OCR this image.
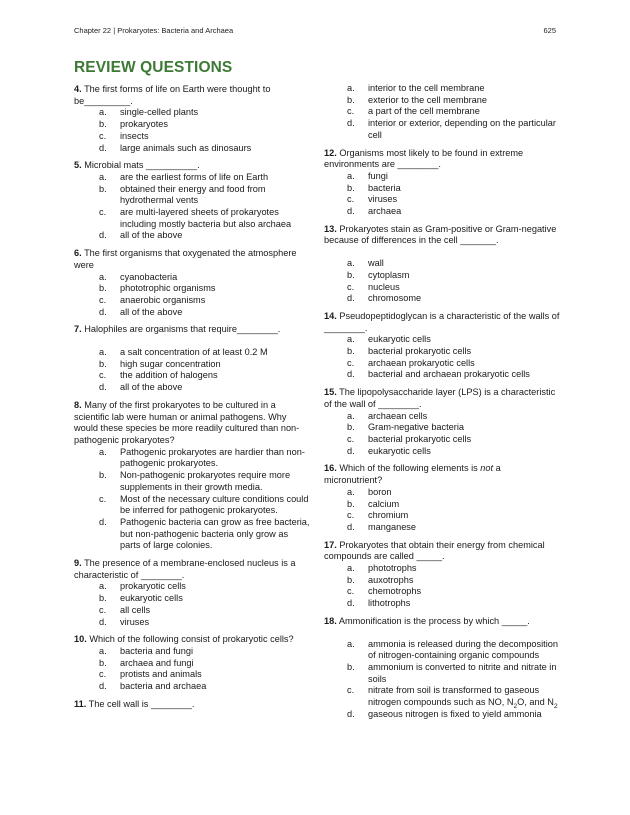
Chapter 22 | Prokaryotes: Bacteria and Archaea	625
REVIEW QUESTIONS

4. The first forms of life on Earth were thought to be_________.

a.	single-celled plants
b.	prokaryotes
c.	insects
d.	large animals such as dinosaurs

5. Microbial mats __________.

a.	are the earliest forms of life on Earth
b.	obtained their energy and food from hydrothermal vents
c.	are multi-layered sheets of prokaryotes including mostly bacteria but also archaea
d.	all of the above

6. The first organisms that oxygenated the atmosphere were

a.	cyanobacteria
b.	phototrophic organisms
c.	anaerobic organisms
d.	all of the above

7. Halophiles are organisms that require________.

a.	a salt concentration of at least 0.2 M
b.	high sugar concentration
c.	the addition of halogens
d.	all of the above

8. Many of the first prokaryotes to be cultured in a scientific lab were human or animal pathogens. Why would these species be more readily cultured than non-pathogenic prokaryotes?

a.	Pathogenic prokaryotes are hardier than non-pathogenic prokaryotes.
b.	Non-pathogenic prokaryotes require more supplements in their growth media.
c.	Most of the necessary culture conditions could be inferred for pathogenic prokaryotes.
d.	Pathogenic bacteria can grow as free bacteria, but non-pathogenic bacteria only grow as parts of large colonies.

9. The presence of a membrane-enclosed nucleus is a characteristic of ________.

a.	prokaryotic cells
b.	eukaryotic cells
c.	all cells
d.	viruses

10. Which of the following consist of prokaryotic cells?

a.	bacteria and fungi
b.	archaea and fungi
c.	protists and animals
d.	bacteria and archaea

11. The cell wall is ________.

a.	interior to the cell membrane
b.	exterior to the cell membrane
c.	a part of the cell membrane
d.	interior or exterior, depending on the particular cell

12. Organisms most likely to be found in extreme environments are ________.

a.	fungi
b.	bacteria
c.	viruses
d.	archaea

13. Prokaryotes stain as Gram-positive or Gram-negative because of differences in the cell _______.

a.	wall
b.	cytoplasm
c.	nucleus
d.	chromosome

14. Pseudopeptidoglycan is a characteristic of the walls of ________.

a.	eukaryotic cells
b.	bacterial prokaryotic cells
c.	archaean prokaryotic cells
d.	bacterial and archaean prokaryotic cells

15. The lipopolysaccharide layer (LPS) is a characteristic of the wall of ________.

a.	archaean cells
b.	Gram-negative bacteria
c.	bacterial prokaryotic cells
d.	eukaryotic cells

16. Which of the following elements is not a micronutrient?

a.	boron
b.	calcium
c.	chromium
d.	manganese

17. Prokaryotes that obtain their energy from chemical compounds are called _____.

a.	phototrophs
b.	auxotrophs
c.	chemotrophs
d.	lithotrophs

18. Ammonification is the process by which _____.

a.	ammonia is released during the decomposition of nitrogen-containing organic compounds
b.	ammonium is converted to nitrite and nitrate in soils
c.	nitrate from soil is transformed to gaseous nitrogen compounds such as NO, $N_2O$, and $N_2$
d.	gaseous nitrogen is fixed to yield ammonia
